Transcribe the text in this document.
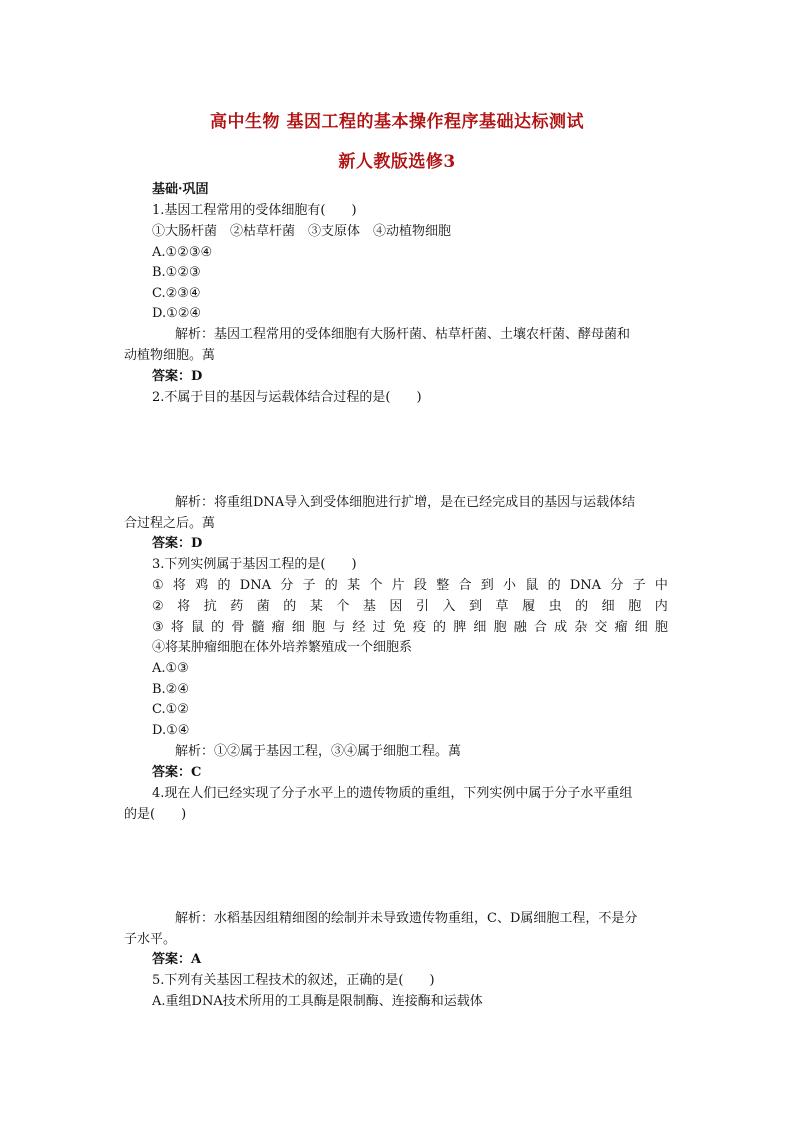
高中生物 基因工程的基本操作程序基础达标测试
新人教版选修3
基础·巩固
1.基因工程常用的受体细胞有(　　)
①大肠杆菌　②枯草杆菌　③支原体　④动植物细胞
A.①②③④
B.①②③
C.②③④
D.①②④
解析：基因工程常用的受体细胞有大肠杆菌、枯草杆菌、土壤农杆菌、酵母菌和
动植物细胞。萬
答案：D
2.不属于目的基因与运载体结合过程的是(　　)
解析：将重组DNA导入到受体细胞进行扩增，是在已经完成目的基因与运载体结
合过程之后。萬
答案：D
3.下列实例属于基因工程的是(　　)
① 将 鸡 的 DNA 分 子 的 某 个 片 段 整 合 到 小 鼠 的 DNA 分 子 中
② 将 抗 药 菌 的 某 个 基 因 引 入 到 草 履 虫 的 细 胞 内
③ 将 鼠 的 骨 髓 瘤 细 胞 与 经 过 免 疫 的 脾 细 胞 融 合 成 杂 交 瘤 细 胞
④将某肿瘤细胞在体外培养繁殖成一个细胞系
A.①③
B.②④
C.①②
D.①④
解析：①②属于基因工程，③④属于细胞工程。萬
答案：C
4.现在人们已经实现了分子水平上的遗传物质的重组，下列实例中属于分子水平重组
的是(　　)
解析：水稻基因组精细图的绘制并未导致遗传物重组，C、D属细胞工程，不是分
子水平。
答案：A
5.下列有关基因工程技术的叙述，正确的是(　　)
A.重组DNA技术所用的工具酶是限制酶、连接酶和运载体
